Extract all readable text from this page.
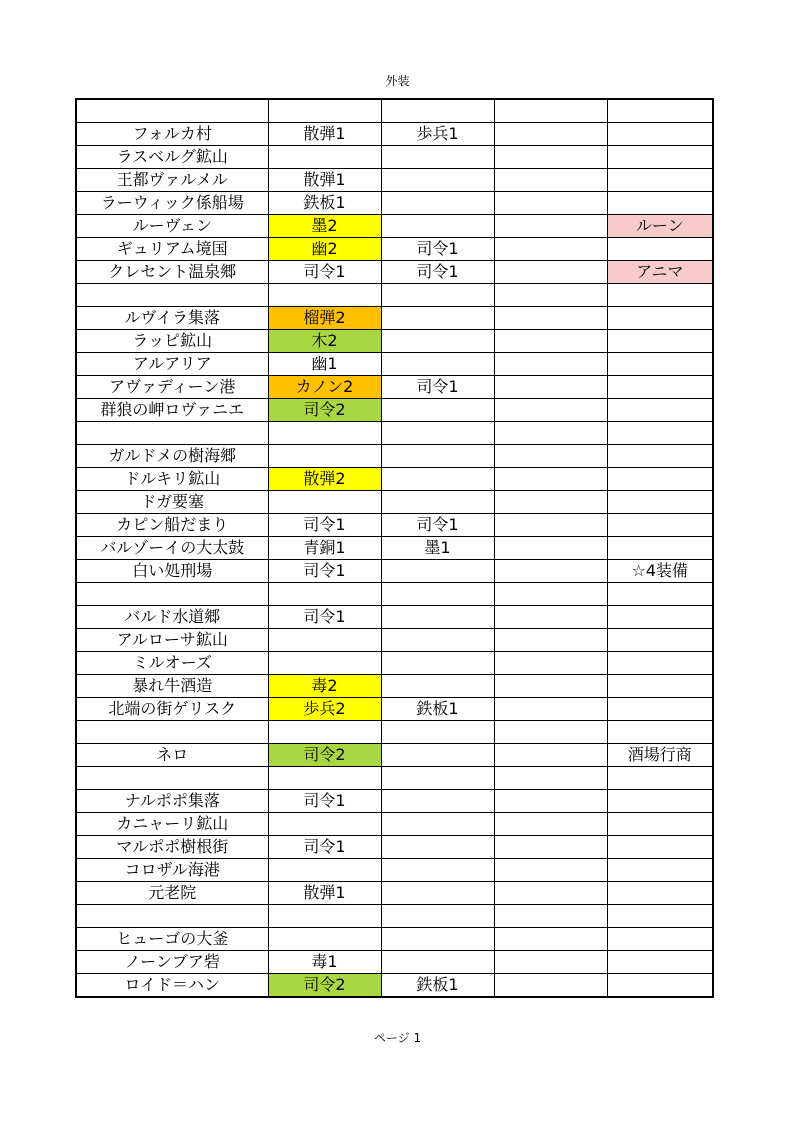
外装

フォルカ村	散弾1	歩兵1		
ラスベルグ鉱山				
王都ヴァルメル	散弾1			
ラーウィック係船場	鉄板1			
ルーヴェン	墨2			ルーン
ギュリアム境国	幽2	司令1		
クレセント温泉郷	司令1	司令1		アニマ

ルヴイラ集落	榴弾2			
ラッピ鉱山	木2			
アルアリア	幽1			
アヴァディーン港	カノン2	司令1		
群狼の岬ロヴァニエ	司令2			

ガルドメの樹海郷				
ドルキリ鉱山	散弾2			
ドガ要塞				
カピン船だまり	司令1	司令1		
バルゾーイの大太鼓	青銅1	墨1		
白い処刑場	司令1			☆4装備

バルド水道郷	司令1			
アルローサ鉱山				
ミルオーズ				
暴れ牛酒造	毒2			
北端の街ゲリスク	歩兵2	鉄板1		

ネロ	司令2			酒場行商

ナルポポ集落	司令1			
カニャーリ鉱山				
マルポポ樹根街	司令1			
コロザル海港				
元老院	散弾1			

ヒューゴの大釜				
ノーンブア砦	毒1			
ロイド＝ハン	司令2	鉄板1		
ページ 1
